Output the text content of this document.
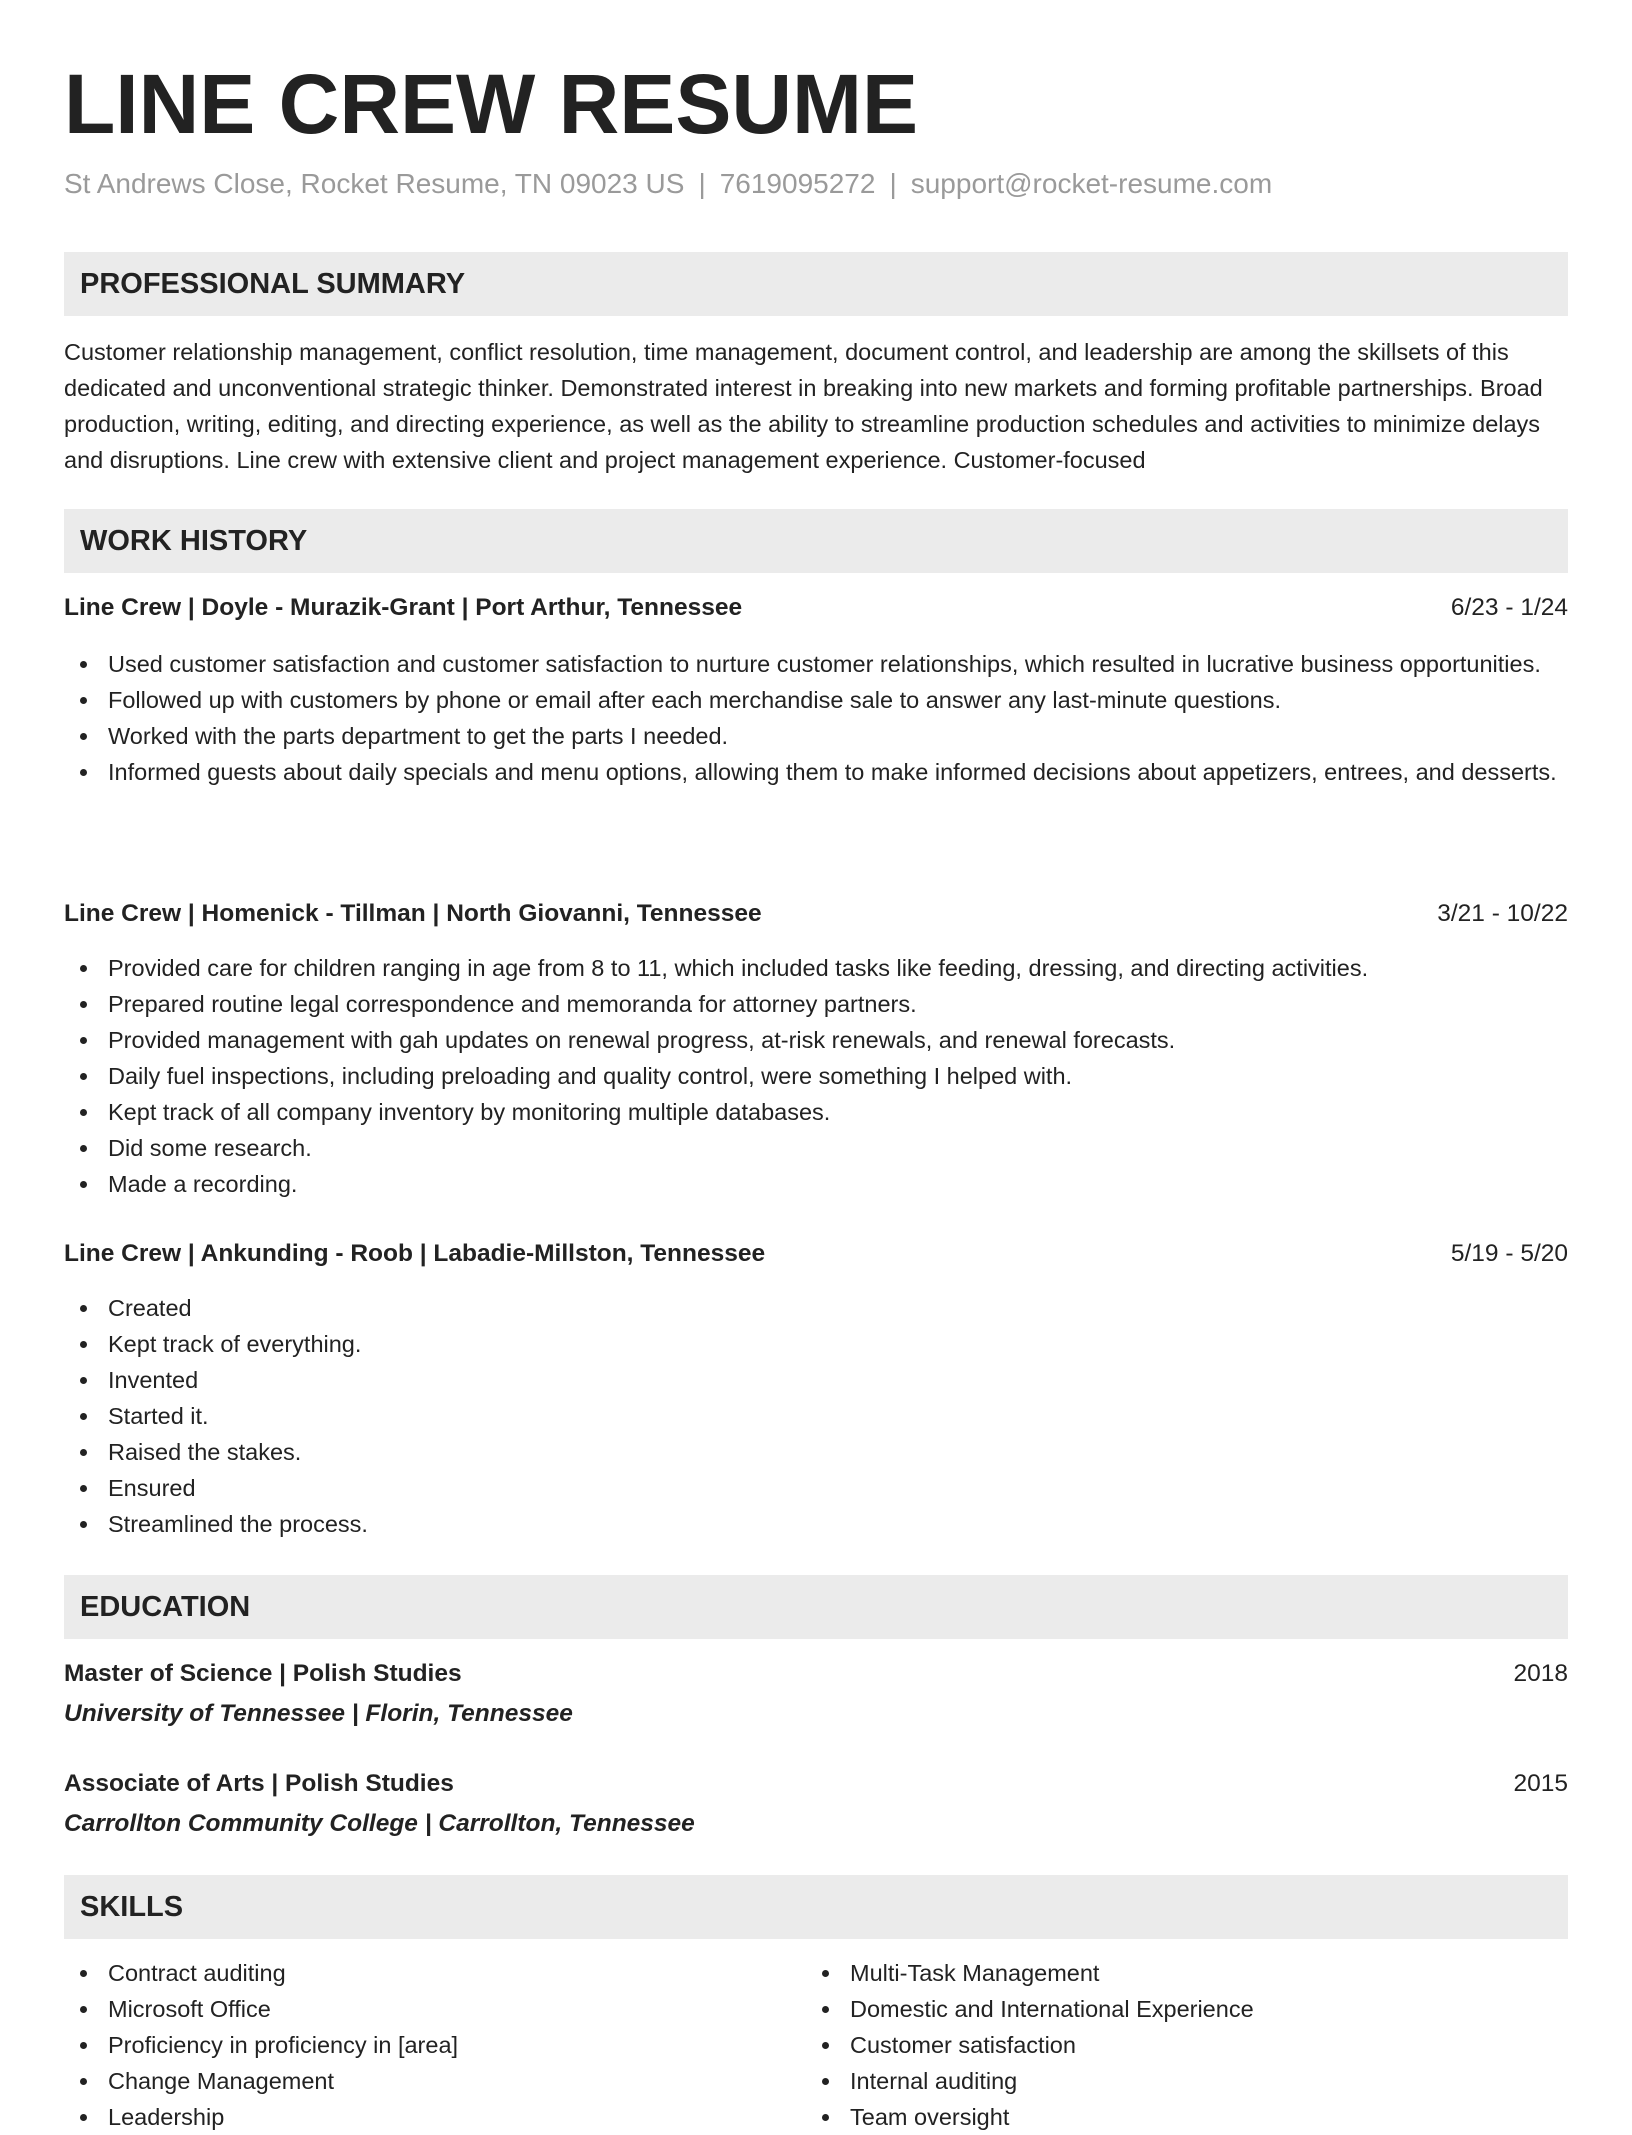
LINE CREW RESUME
St Andrews Close, Rocket Resume, TN 09023 US | 7619095272 | support@rocket-resume.com
PROFESSIONAL SUMMARY
Customer relationship management, conflict resolution, time management, document control, and leadership are among the skillsets of this dedicated and unconventional strategic thinker. Demonstrated interest in breaking into new markets and forming profitable partnerships. Broad production, writing, editing, and directing experience, as well as the ability to streamline production schedules and activities to minimize delays and disruptions. Line crew with extensive client and project management experience. Customer-focused
WORK HISTORY
Line Crew | Doyle - Murazik-Grant | Port Arthur, Tennessee	6/23 - 1/24
Used customer satisfaction and customer satisfaction to nurture customer relationships, which resulted in lucrative business opportunities.
Followed up with customers by phone or email after each merchandise sale to answer any last-minute questions.
Worked with the parts department to get the parts I needed.
Informed guests about daily specials and menu options, allowing them to make informed decisions about appetizers, entrees, and desserts.
Line Crew | Homenick - Tillman | North Giovanni, Tennessee	3/21 - 10/22
Provided care for children ranging in age from 8 to 11, which included tasks like feeding, dressing, and directing activities.
Prepared routine legal correspondence and memoranda for attorney partners.
Provided management with gah updates on renewal progress, at-risk renewals, and renewal forecasts.
Daily fuel inspections, including preloading and quality control, were something I helped with.
Kept track of all company inventory by monitoring multiple databases.
Did some research.
Made a recording.
Line Crew | Ankunding - Roob | Labadie-Millston, Tennessee	5/19 - 5/20
Created
Kept track of everything.
Invented
Started it.
Raised the stakes.
Ensured
Streamlined the process.
EDUCATION
Master of Science | Polish Studies	2018
University of Tennessee | Florin, Tennessee
Associate of Arts | Polish Studies	2015
Carrollton Community College | Carrollton, Tennessee
SKILLS
Contract auditing
Microsoft Office
Proficiency in proficiency in [area]
Change Management
Leadership
Multi-Task Management
Domestic and International Experience
Customer satisfaction
Internal auditing
Team oversight
